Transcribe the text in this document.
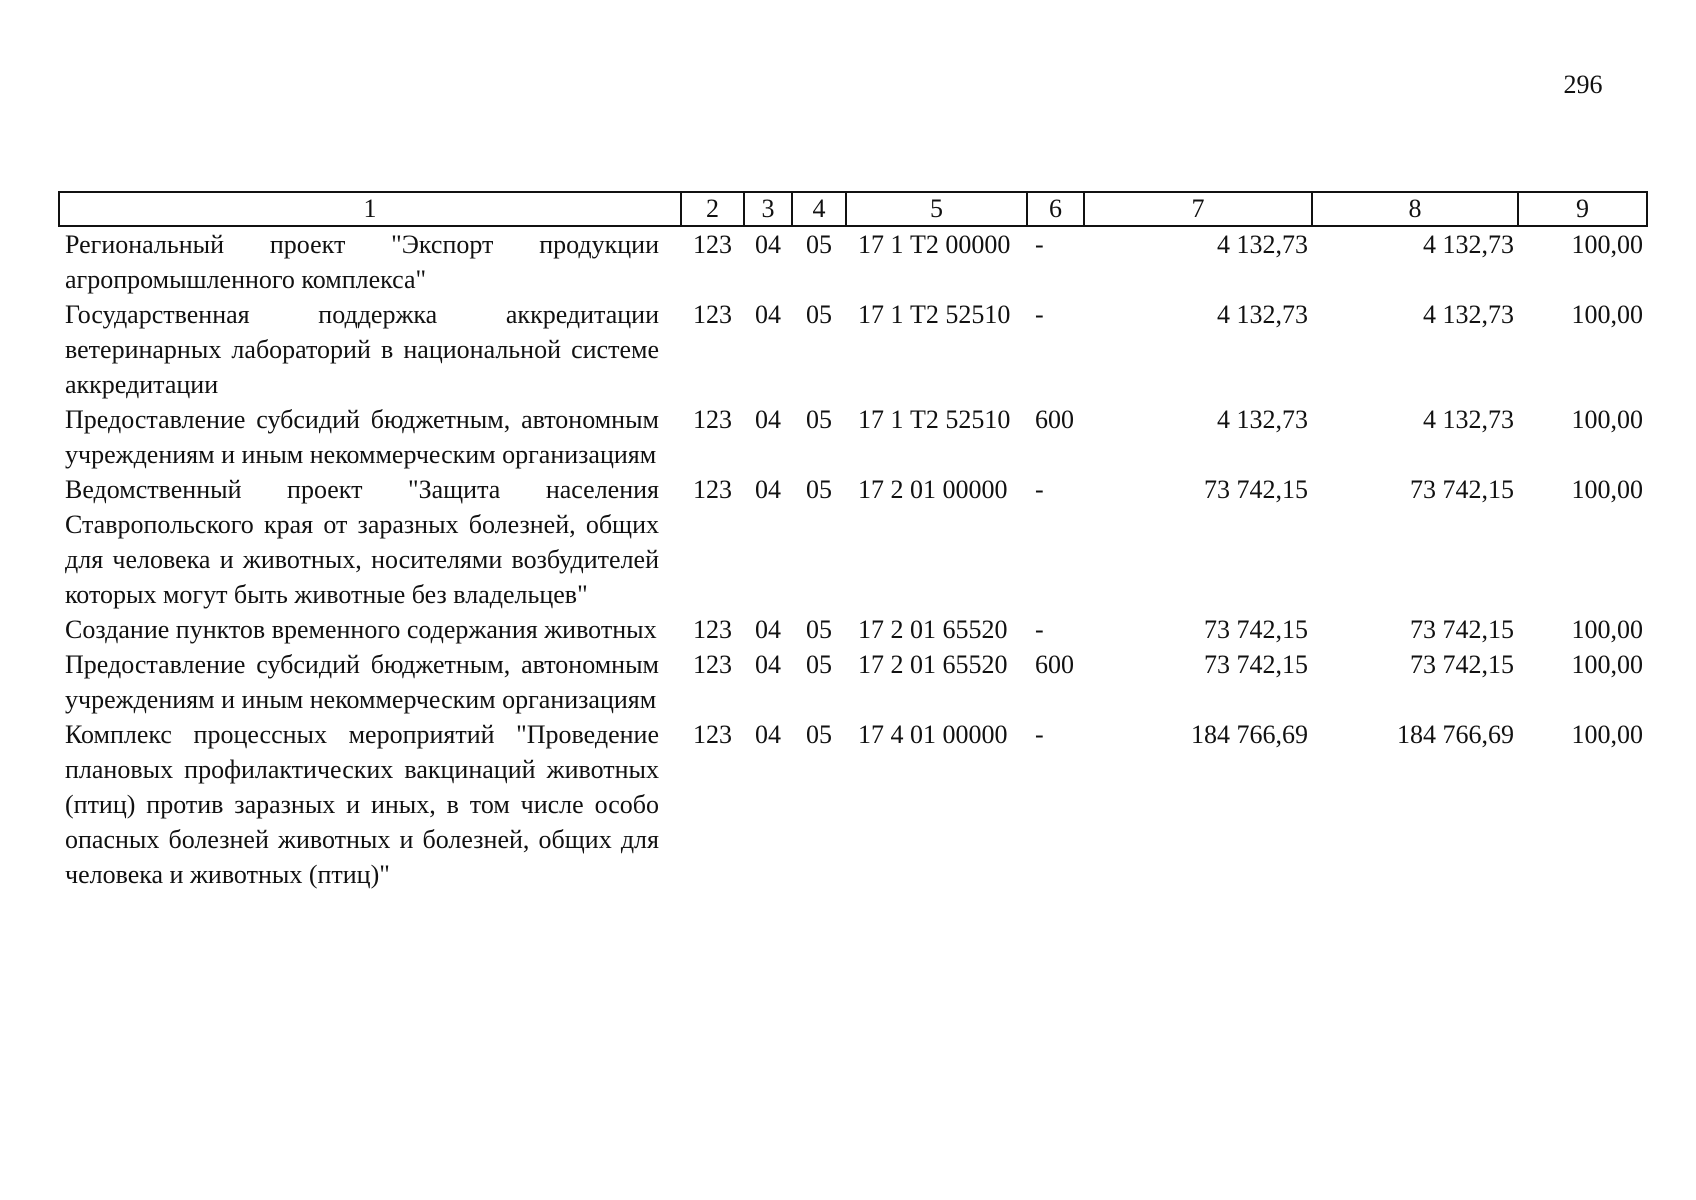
296
1	2	3	4	5	6	7	8	9
Региональный проект "Экспорт продукции агропромышленного комплекса"	123	04	05	17 1 Т2 00000	-	4 132,73	4 132,73	100,00
Государственная поддержка аккредитации ветеринарных лабораторий в национальной системе аккредитации	123	04	05	17 1 Т2 52510	-	4 132,73	4 132,73	100,00
Предоставление субсидий бюджетным, автономным учреждениям и иным некоммерческим организациям	123	04	05	17 1 Т2 52510	600	4 132,73	4 132,73	100,00
Ведомственный проект "Защита населения Ставропольского края от заразных болезней, общих для человека и животных, носителями возбудителей которых могут быть животные без владельцев"	123	04	05	17 2 01 00000	-	73 742,15	73 742,15	100,00
Создание пунктов временного содержания животных	123	04	05	17 2 01 65520	-	73 742,15	73 742,15	100,00
Предоставление субсидий бюджетным, автономным учреждениям и иным некоммерческим организациям	123	04	05	17 2 01 65520	600	73 742,15	73 742,15	100,00
Комплекс процессных мероприятий "Проведение плановых профилактических вакцинаций животных (птиц) против заразных и иных, в том числе особо опасных болезней животных и болезней, общих для человека и животных (птиц)"	123	04	05	17 4 01 00000	-	184 766,69	184 766,69	100,00
